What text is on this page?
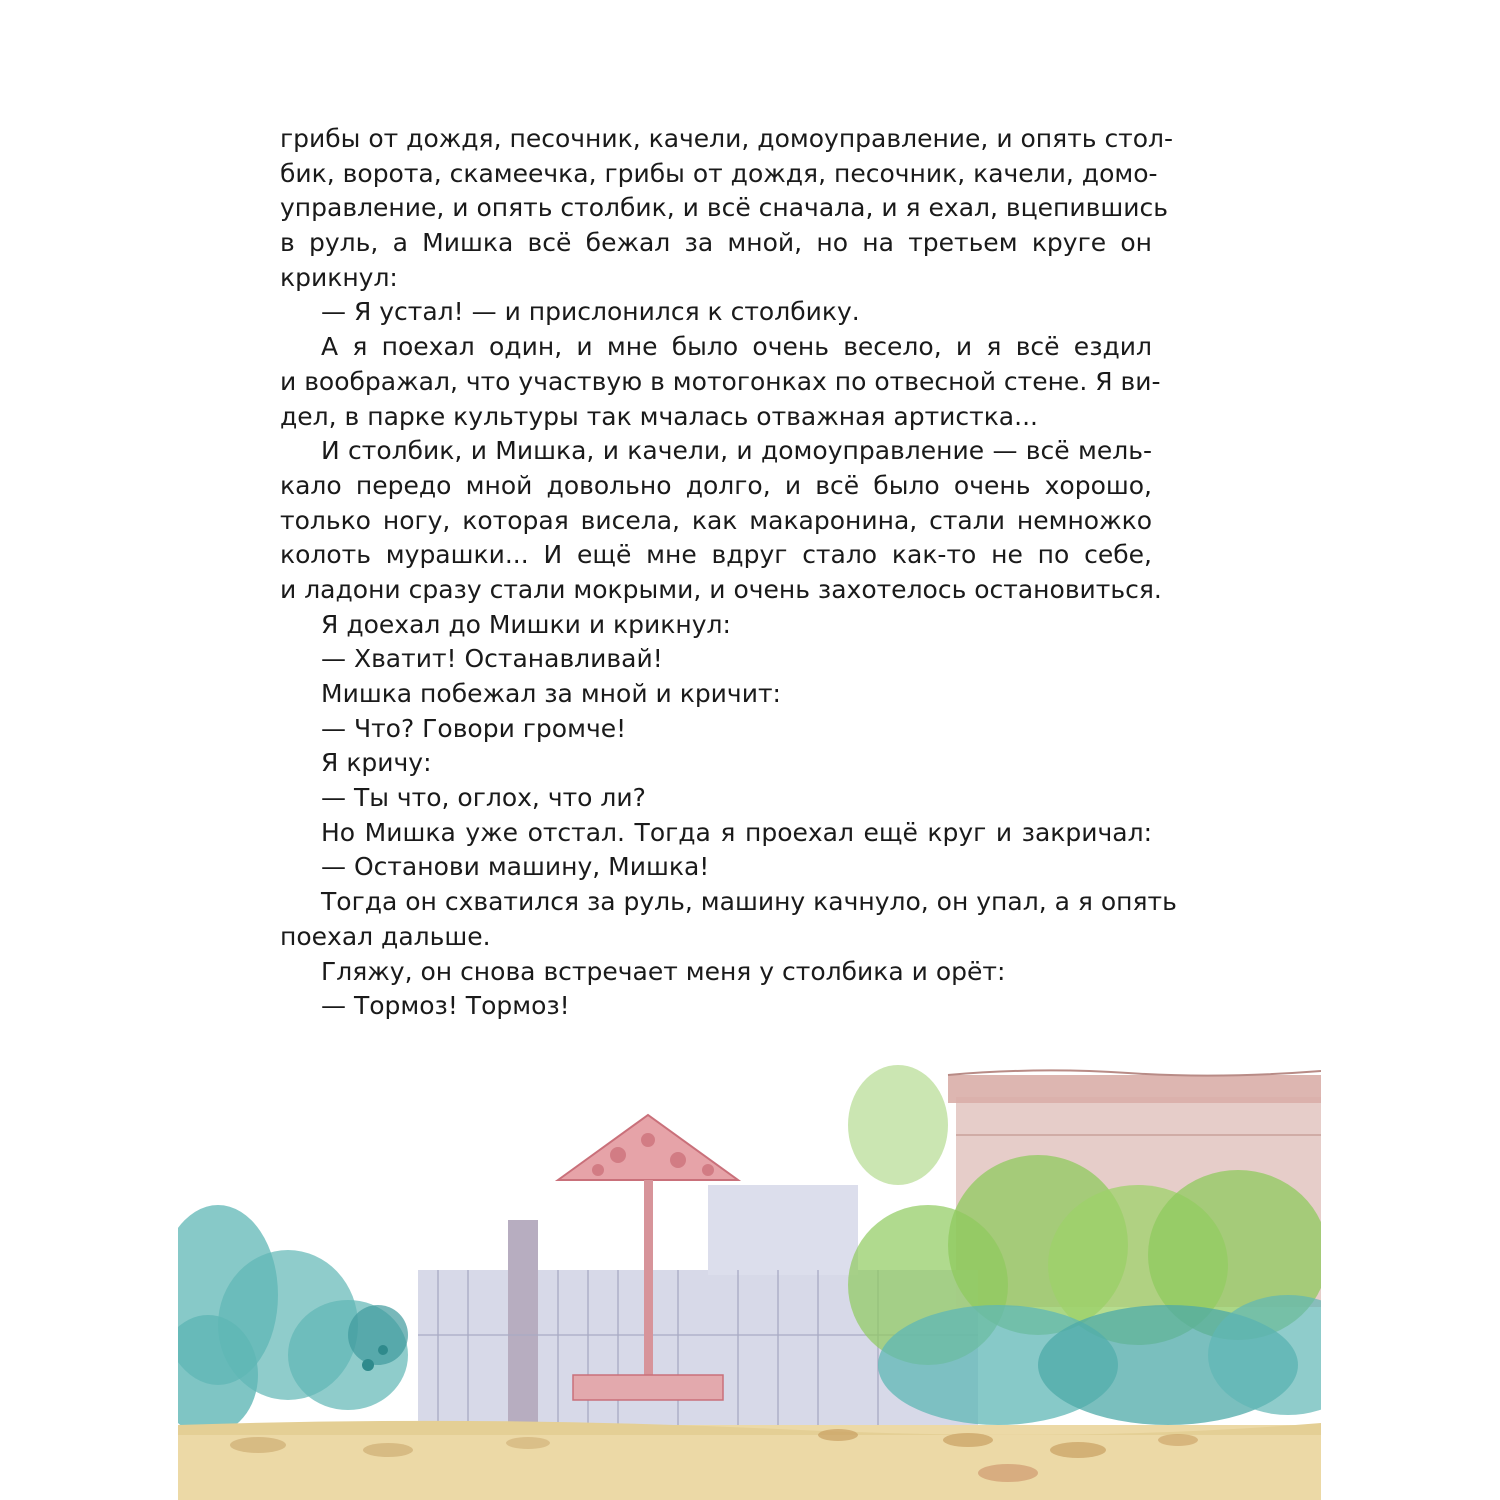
грибы от дождя, песочник, качели, домоуправление, и опять стол-
бик, ворота, скамеечка, грибы от дождя, песочник, качели, домо-
управление, и опять столбик, и всё сначала, и я ехал, вцепившись
в руль, а Мишка всё бежал за мной, но на третьем круге он
крикнул:
— Я устал! — и прислонился к столбику.
А я поехал один, и мне было очень весело, и я всё ездил
и воображал, что участвую в мотогонках по отвесной стене. Я ви-
дел, в парке культуры так мчалась отважная артистка...
И столбик, и Мишка, и качели, и домоуправление — всё мель-
кало передо мной довольно долго, и всё было очень хорошо,
только ногу, которая висела, как макаронина, стали немножко
колоть мурашки... И ещё мне вдруг стало как-то не по себе,
и ладони сразу стали мокрыми, и очень захотелось остановиться.
Я доехал до Мишки и крикнул:
— Хватит! Останавливай!
Мишка побежал за мной и кричит:
— Что? Говори громче!
Я кричу:
— Ты что, оглох, что ли?
Но Мишка уже отстал. Тогда я проехал ещё круг и закричал:
— Останови машину, Мишка!
Тогда он схватился за руль, машину качнуло, он упал, а я опять
поехал дальше.
Гляжу, он снова встречает меня у столбика и орёт:
— Тормоз! Тормоз!
